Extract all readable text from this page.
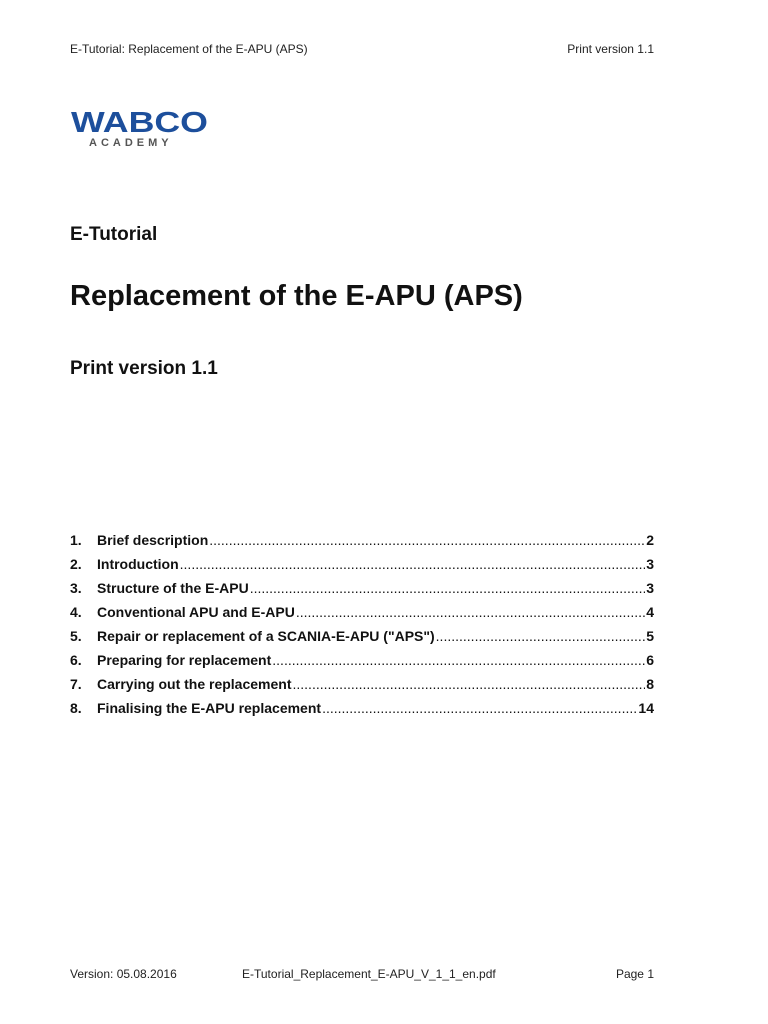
E-Tutorial: Replacement of the E-APU (APS)	Print version 1.1
WABCO
ACADEMY
E-Tutorial
Replacement of the E-APU (APS)
Print version 1.1
1.	Brief description .....	2
2.	Introduction .....	3
3.	Structure of the E-APU .....	3
4.	Conventional APU and E-APU .....	4
5.	Repair or replacement of a SCANIA-E-APU ("APS") .....	5
6.	Preparing for replacement .....	6
7.	Carrying out the replacement .....	8
8.	Finalising the E-APU replacement .....	14
Version: 05.08.2016	E-Tutorial_Replacement_E-APU_V_1_1_en.pdf	Page 1
